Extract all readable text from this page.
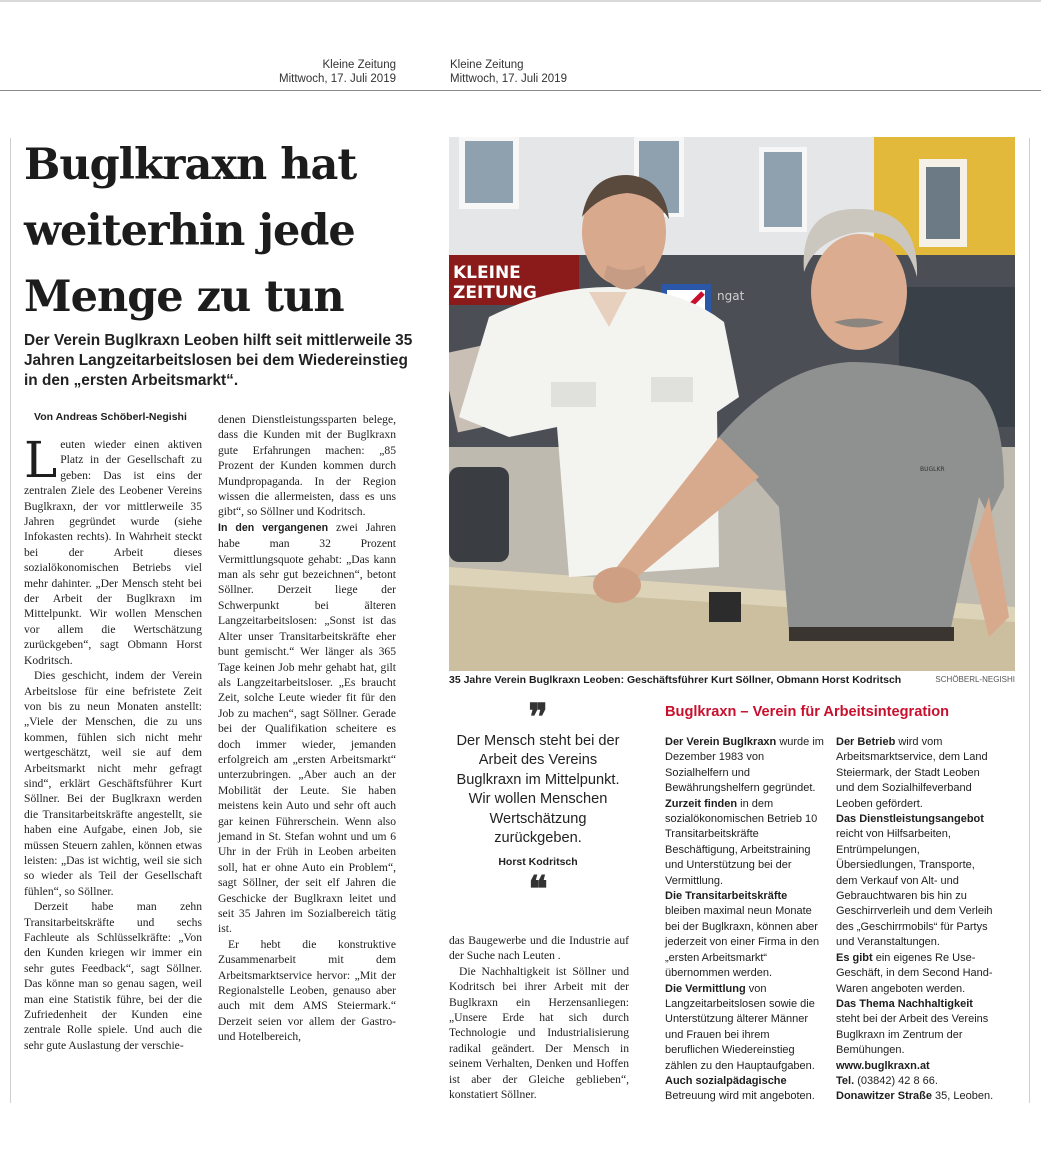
Kleine Zeitung
Mittwoch, 17. Juli 2019
Kleine Zeitung
Mittwoch, 17. Juli 2019
Buglkraxn hat
weiterhin jede
Menge zu tun
Der Verein Buglkraxn Leoben hilft seit mittlerweile 35 Jahren Langzeitarbeitslosen bei dem Wiedereinstieg in den „ersten Arbeitsmarkt“.
Von Andreas Schöberl-Negishi

Leuten wieder einen aktiven Platz in der Gesellschaft zu geben: Das ist eins der zentralen Ziele des Leobener Vereins Buglkraxn, der vor mittlerweile 35 Jahren gegründet wurde (siehe Infokasten rechts). In Wahrheit steckt bei der Arbeit dieses sozialökonomischen Betriebs viel mehr dahinter. „Der Mensch steht bei der Arbeit der Buglkraxn im Mittelpunkt. Wir wollen Menschen vor allem die Wertschätzung zurückgeben“, sagt Obmann Horst Kodritsch.

Dies geschicht, indem der Verein Arbeitslose für eine befristete Zeit von bis zu neun Monaten anstellt: „Viele der Menschen, die zu uns kommen, fühlen sich nicht mehr wertgeschätzt, weil sie auf dem Arbeitsmarkt nicht mehr gefragt sind“, erklärt Geschäftsführer Kurt Söllner. Bei der Buglkraxn werden die Transitarbeitskräfte angestellt, sie haben eine Aufgabe, einen Job, sie müssen Steuern zahlen, können etwas leisten: „Das ist wichtig, weil sie sich so wieder als Teil der Gesellschaft fühlen“, so Söllner.

Derzeit habe man zehn Transitarbeitskräfte und sechs Fachleute als Schlüsselkräfte: „Von den Kunden kriegen wir immer ein sehr gutes Feedback“, sagt Söllner. Das könne man so genau sagen, weil man eine Statistik führe, bei der die Zufriedenheit der Kunden eine zentrale Rolle spiele. Und auch die sehr gute Auslastung der verschie-

denen Dienstleistungssparten belege, dass die Kunden mit der Buglkraxn gute Erfahrungen machen: „85 Prozent der Kunden kommen durch Mundpropaganda. In der Region wissen die allermeisten, dass es uns gibt“, so Söllner und Kodritsch.

In den vergangenen zwei Jahren habe man 32 Prozent Vermittlungsquote gehabt: „Das kann man als sehr gut bezeichnen“, betont Söllner. Derzeit liege der Schwerpunkt bei älteren Langzeitarbeitslosen: „Sonst ist das Alter unser Transitarbeitskräfte eher bunt gemischt.“ Wer länger als 365 Tage keinen Job mehr gehabt hat, gilt als Langzeitarbeitsloser. „Es braucht Zeit, solche Leute wieder fit für den Job zu machen“, sagt Söllner. Gerade bei der Qualifikation scheitere es doch immer wieder, jemanden erfolgreich am „ersten Arbeitsmarkt“ unterzubringen. „Aber auch an der Mobilität der Leute. Sie haben meistens kein Auto und sehr oft auch gar keinen Führerschein. Wenn also jemand in St. Stefan wohnt und um 6 Uhr in der Früh in Leoben arbeiten soll, hat er ohne Auto ein Problem“, sagt Söllner, der seit elf Jahren die Geschicke der Buglkraxn leitet und seit 35 Jahren im Sozialbereich tätig ist.

Er hebt die konstruktive Zusammenarbeit mit dem Arbeitsmarktservice hervor: „Mit der Regionalstelle Leoben, genauso aber auch mit dem AMS Steiermark.“ Derzeit seien vor allem der Gastro- und Hotelbereich,

KLEINE
ZEITUNG	ngat
BUGLKR
35 Jahre Verein Buglkraxn Leoben: Geschäftsführer Kurt Söllner, Obmann Horst Kodritsch	SCHÖBERL-NEGISHI
❞
Der Mensch steht bei der Arbeit des Vereins Buglkraxn im Mittelpunkt. Wir wollen Menschen Wertschätzung zurückgeben.
Horst Kodritsch
❝

das Baugewerbe und die Industrie auf der Suche nach Leuten .

Die Nachhaltigkeit ist Söllner und Kodritsch bei ihrer Arbeit mit der Buglkraxn ein Herzensanliegen: „Unsere Erde hat sich durch Technologie und Industrialisierung radikal geändert. Der Mensch in seinem Verhalten, Denken und Hoffen ist aber der Gleiche geblieben“, konstatiert Söllner.

Buglkraxn – Verein für Arbeitsintegration

Der Verein Buglkraxn wurde im Dezember 1983 von Sozialhelfern und Bewährungshelfern gegründet.

Zurzeit finden in dem sozialökonomischen Betrieb 10 Transitarbeitskräfte Beschäftigung, Arbeitstraining und Unterstützung bei der Vermittlung.

Die Transitarbeitskräfte bleiben maximal neun Monate bei der Buglkraxn, können aber jederzeit von einer Firma in den „ersten Arbeitsmarkt“ übernommen werden.

Die Vermittlung von Langzeitarbeitslosen sowie die Unterstützung älterer Männer und Frauen bei ihrem beruflichen Wiedereinstieg zählen zu den Hauptaufgaben.

Auch sozialpädagische Betreuung wird mit angeboten.

Der Betrieb wird vom Arbeitsmarktservice, dem Land Steiermark, der Stadt Leoben und dem Sozialhilfeverband Leoben gefördert.

Das Dienstleistungsangebot reicht von Hilfsarbeiten, Entrümpelungen, Übersiedlungen, Transporte, dem Verkauf von Alt- und Gebrauchtwaren bis hin zu Geschirrverleih und dem Verleih des „Geschirrmobils“ für Partys und Veranstaltungen.

Es gibt ein eigenes Re Use-Geschäft, in dem Second Hand-Waren angeboten werden.

Das Thema Nachhaltigkeit steht bei der Arbeit des Vereins Buglkraxn im Zentrum der Bemühungen.

www.buglkraxn.at

Tel. (03842) 42 8 66.

Donawitzer Straße 35, Leoben.
